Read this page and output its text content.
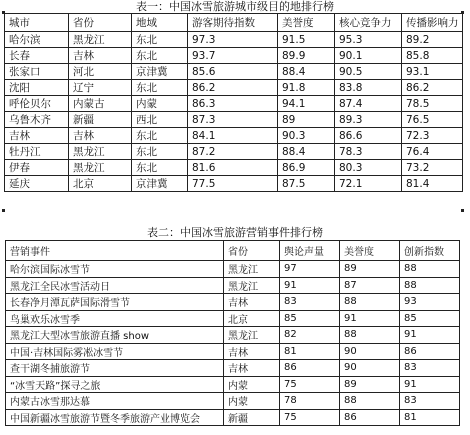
表一：中国冰雪旅游城市级目的地排行榜
城市	省份	地域	游客期待指数	美誉度	核心竞争力	传播影响力
哈尔滨	黑龙江	东北	97.3	91.5	95.3	89.2
长春	吉林	东北	93.7	89.9	90.1	85.8
张家口	河北	京津冀	85.6	88.4	90.5	93.1
沈阳	辽宁	东北	86.2	91.8	83.8	86.2
呼伦贝尔	内蒙古	内蒙	86.3	94.1	87.4	78.5
乌鲁木齐	新疆	西北	87.3	89	89.3	76.5
吉林	吉林	东北	84.1	90.3	86.6	72.3
牡丹江	黑龙江	东北	87.2	88.4	78.3	76.4
伊春	黑龙江	东北	81.6	86.9	80.3	73.2
延庆	北京	京津冀	77.5	87.5	72.1	81.4
表二：中国冰雪旅游营销事件排行榜
营销事件	省份	舆论声量	美誉度	创新指数
哈尔滨国际冰雪节	黑龙江	97	89	88
黑龙江全民冰雪活动日	黑龙江	91	87	88
长春净月潭瓦萨国际滑雪节	吉林	83	88	93
鸟巢欢乐冰雪季	北京	85	91	85
黑龙江大型冰雪旅游直播 show	黑龙江	82	88	91
中国·吉林国际雾凇冰雪节	吉林	81	90	86
查干湖冬捕旅游节	吉林	86	90	83
“冰雪天路”探寻之旅	内蒙	75	89	91
内蒙古冰雪那达慕	内蒙	78	88	83
中国新疆冰雪旅游节暨冬季旅游产业博览会	新疆	75	86	81
